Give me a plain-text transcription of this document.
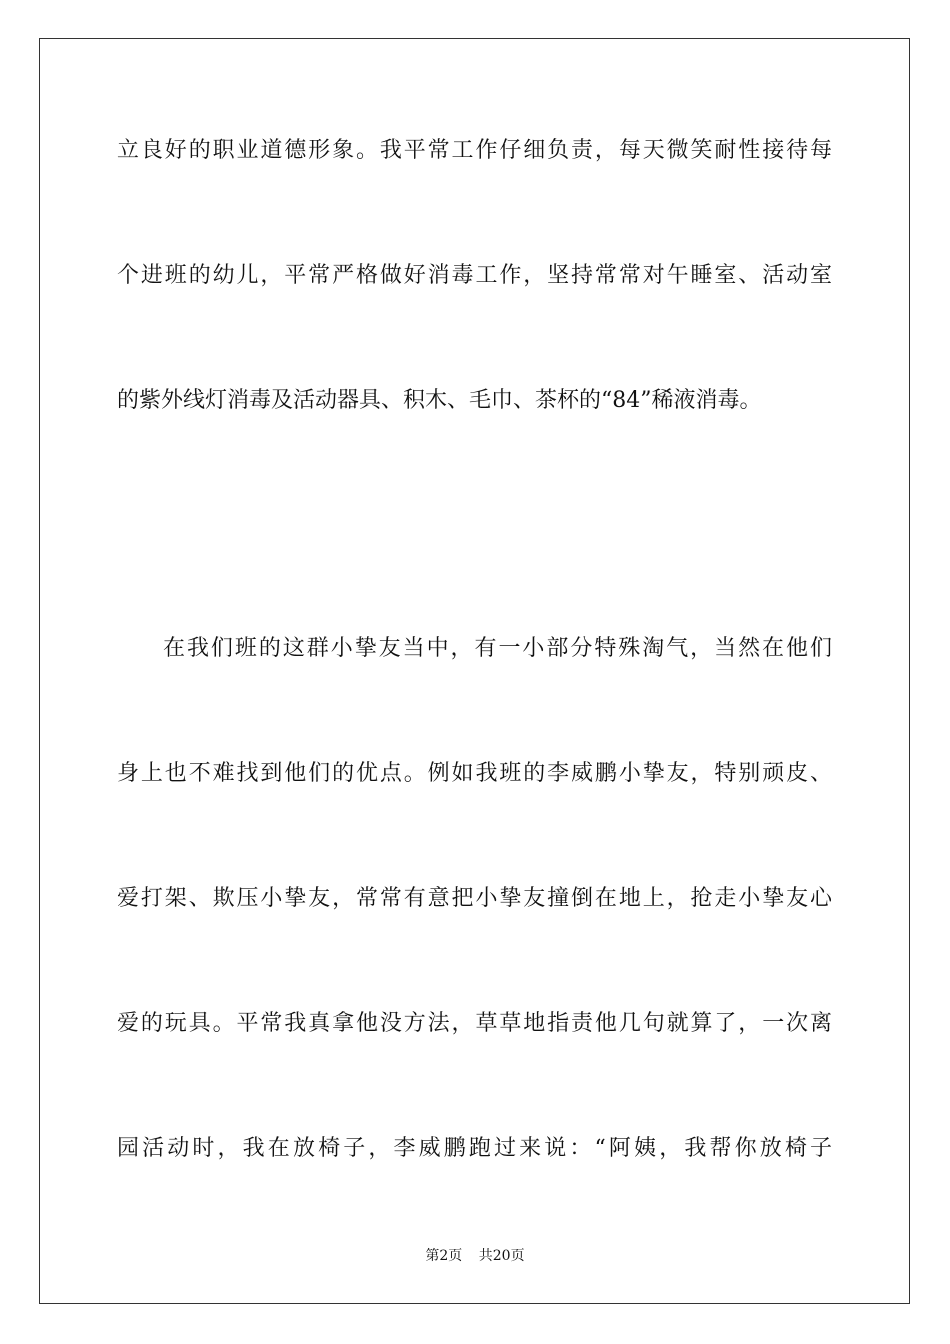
立良好的职业道德形象。我平常工作仔细负责，每天微笑耐性接待每
个进班的幼儿，平常严格做好消毒工作，坚持常常对午睡室、活动室
的紫外线灯消毒及活动器具、积木、毛巾、茶杯的“84”稀液消毒。
在我们班的这群小挚友当中，有一小部分特殊淘气，当然在他们
身上也不难找到他们的优点。例如我班的李威鹏小挚友，特别顽皮、
爱打架、欺压小挚友，常常有意把小挚友撞倒在地上，抢走小挚友心
爱的玩具。平常我真拿他没方法，草草地指责他几句就算了，一次离
园活动时，我在放椅子，李威鹏跑过来说：“阿姨，我帮你放椅子
第2页 共20页
